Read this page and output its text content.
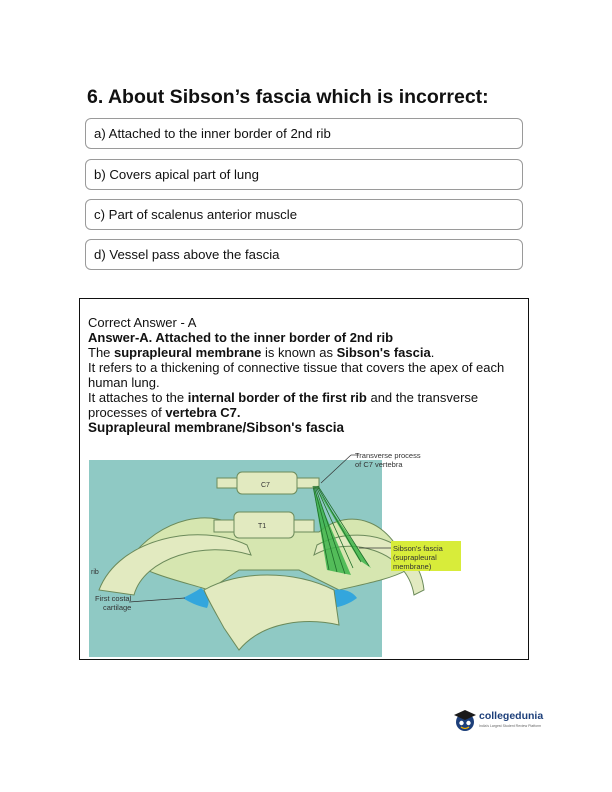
6. About Sibson’s fascia which is incorrect:
a) Attached to the inner border of 2nd rib
b) Covers apical part of lung
c) Part of scalenus anterior muscle
d) Vessel pass above the fascia
Correct Answer - A
Answer-A. Attached to the inner border of 2nd rib
The suprapleural membrane is known as Sibson's fascia.
It refers to a thickening of connective tissue that covers the apex of each human lung.
It attaches to the internal border of the first rib and the transverse processes of vertebra C7.
Suprapleural membrane/Sibson's fascia
Transverse process
of C7 vertebra
C7
T1
Sibson's fascia
(suprapleural
membrane)
rib
First costal
cartilage
collegedunia
India's Largest Student Review Platform
